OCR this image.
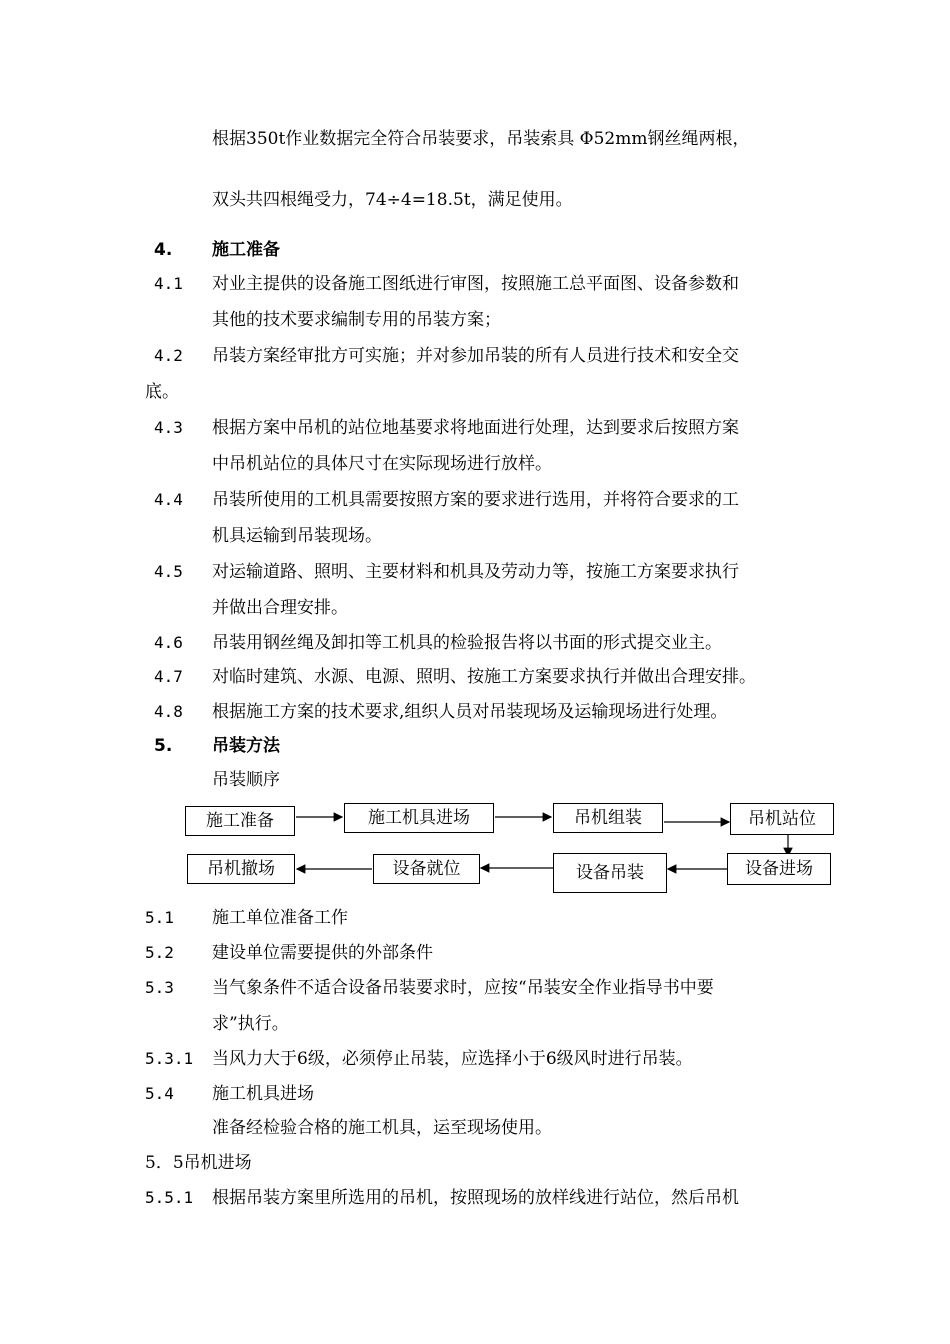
根据350t作业数据完全符合吊装要求，吊装索具 Φ52mm钢丝绳两根，
双头共四根绳受力，74÷4=18.5t，满足使用。
4. 施工准备
4.1 对业主提供的设备施工图纸进行审图，按照施工总平面图、设备参数和
其他的技术要求编制专用的吊装方案；
4.2 吊装方案经审批方可实施；并对参加吊装的所有人员进行技术和安全交
底。
4.3 根据方案中吊机的站位地基要求将地面进行处理，达到要求后按照方案
中吊机站位的具体尺寸在实际现场进行放样。
4.4 吊装所使用的工机具需要按照方案的要求进行选用，并将符合要求的工
机具运输到吊装现场。
4.5 对运输道路、照明、主要材料和机具及劳动力等，按施工方案要求执行
并做出合理安排。
4.6 吊装用钢丝绳及卸扣等工机具的检验报告将以书面的形式提交业主。
4.7 对临时建筑、水源、电源、照明、按施工方案要求执行并做出合理安排。
4.8 根据施工方案的技术要求,组织人员对吊装现场及运输现场进行处理。
5. 吊装方法
吊装顺序
施工准备	施工机具进场	吊机组装	吊机站位
吊机撤场	设备就位	设备吊装	设备进场
5.1 施工单位准备工作
5.2 建设单位需要提供的外部条件
5.3 当气象条件不适合设备吊装要求时，应按“吊装安全作业指导书中要
求”执行。
5.3.1 当风力大于6级，必须停止吊装，应选择小于6级风时进行吊装。
5.4 施工机具进场
准备经检验合格的施工机具，运至现场使用。
5．5吊机进场
5.5.1 根据吊装方案里所选用的吊机，按照现场的放样线进行站位，然后吊机
